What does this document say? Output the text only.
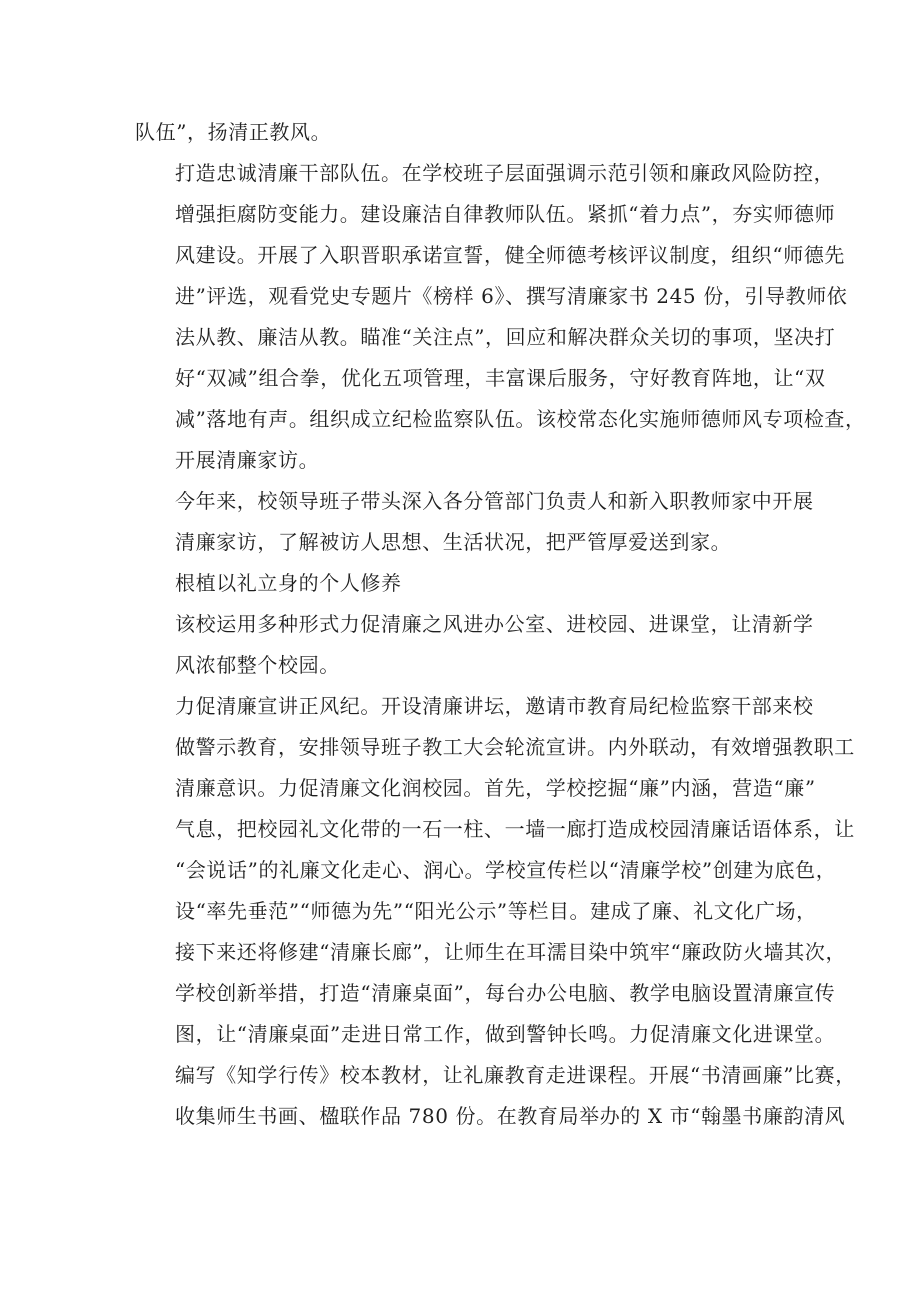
队伍”，扬清正教风。
打造忠诚清廉干部队伍。在学校班子层面强调示范引领和廉政风险防控，
增强拒腐防变能力。建设廉洁自律教师队伍。紧抓“着力点”，夯实师德师
风建设。开展了入职晋职承诺宣誓，健全师德考核评议制度，组织“师德先
进”评选，观看党史专题片《榜样 6》、撰写清廉家书 245 份，引导教师依
法从教、廉洁从教。瞄准“关注点”，回应和解决群众关切的事项，坚决打
好“双减”组合拳，优化五项管理，丰富课后服务，守好教育阵地，让“双
减”落地有声。组织成立纪检监察队伍。该校常态化实施师德师风专项检查，
开展清廉家访。
今年来，校领导班子带头深入各分管部门负责人和新入职教师家中开展
清廉家访，了解被访人思想、生活状况，把严管厚爱送到家。
根植以礼立身的个人修养
该校运用多种形式力促清廉之风进办公室、进校园、进课堂，让清新学
风浓郁整个校园。
力促清廉宣讲正风纪。开设清廉讲坛，邀请市教育局纪检监察干部来校
做警示教育，安排领导班子教工大会轮流宣讲。内外联动，有效增强教职工
清廉意识。力促清廉文化润校园。首先，学校挖掘“廉”内涵，营造“廉”
气息，把校园礼文化带的一石一柱、一墙一廊打造成校园清廉话语体系，让
“会说话”的礼廉文化走心、润心。学校宣传栏以“清廉学校”创建为底色，
设“率先垂范”“师德为先”“阳光公示”等栏目。建成了廉、礼文化广场，
接下来还将修建“清廉长廊”，让师生在耳濡目染中筑牢“廉政防火墙其次，
学校创新举措，打造“清廉桌面”，每台办公电脑、教学电脑设置清廉宣传
图，让“清廉桌面”走进日常工作，做到警钟长鸣。力促清廉文化进课堂。
编写《知学行传》校本教材，让礼廉教育走进课程。开展“书清画廉”比赛，
收集师生书画、楹联作品 780 份。在教育局举办的 X 市“翰墨书廉韵清风
